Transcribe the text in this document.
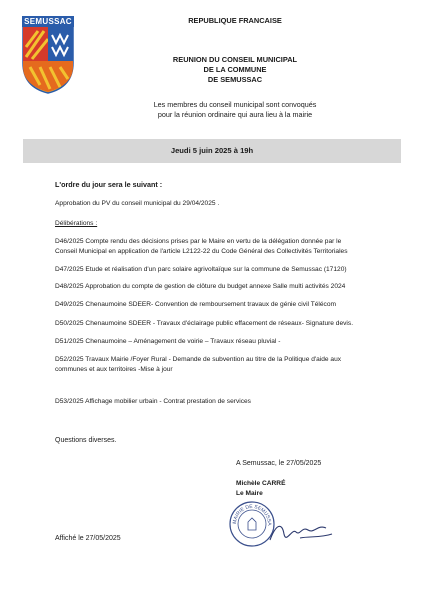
SEMUSSAC	REPUBLIQUE FRANCAISE
REUNION DU CONSEIL MUNICIPAL
DE LA COMMUNE
DE SEMUSSAC
Les membres du conseil municipal sont convoqués
pour la réunion ordinaire qui aura lieu à la mairie
Jeudi 5 juin 2025 à 19h
L'ordre du jour sera le suivant :
Approbation du PV du conseil municipal du 29/04/2025 .
Délibérations :
D46/2025 Compte rendu des décisions prises par le Maire en vertu de la délégation donnée par le
Conseil Municipal en application de l'article L2122-22 du Code Général des Collectivités Territoriales
D47/2025 Etude et réalisation d'un parc solaire agrivoltaïque sur la commune de Semussac (17120)
D48/2025 Approbation du compte de gestion de clôture du budget annexe Salle multi activités 2024
D49/2025 Chenaumoine SDEER- Convention de remboursement travaux de génie civil Télécom
D50/2025 Chenaumoine SDEER - Travaux d'éclairage public effacement de réseaux- Signature devis.
D51/2025 Chenaumoine – Aménagement de voirie – Travaux réseau pluvial -
D52/2025 Travaux Mairie /Foyer Rural - Demande de subvention au titre de la Politique d'aide aux
communes et aux territoires -Mise à jour
D53/2025 Affichage mobilier urbain - Contrat prestation de services
Questions diverses.
A Semussac, le 27/05/2025
Michèle CARRÉ
Le Maire
MAIRIE DE SEMUSSA
Affiché le 27/05/2025
